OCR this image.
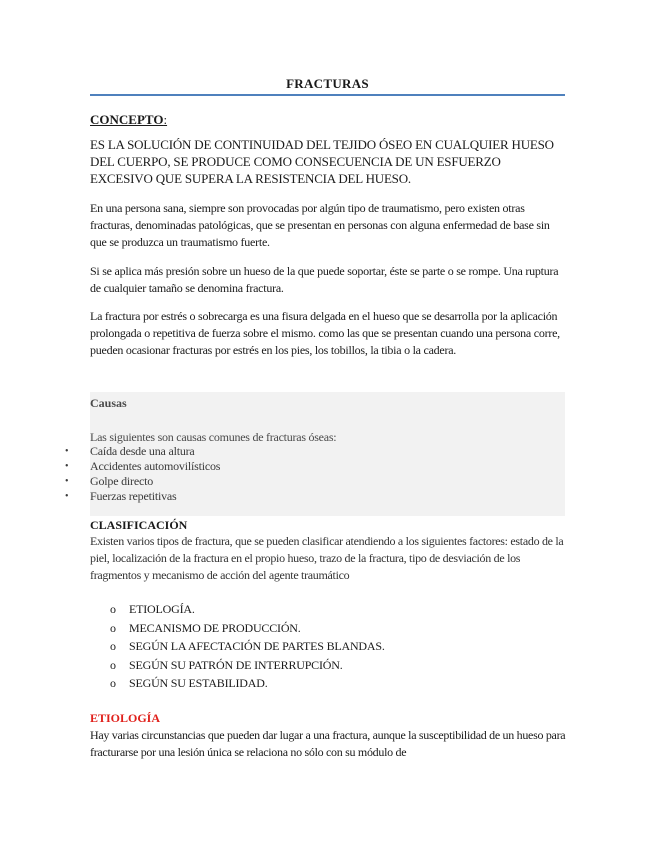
FRACTURAS
CONCEPTO:
ES LA SOLUCIÓN DE CONTINUIDAD DEL TEJIDO ÓSEO EN CUALQUIER HUESO DEL CUERPO, SE PRODUCE COMO CONSECUENCIA DE UN ESFUERZO EXCESIVO QUE SUPERA LA RESISTENCIA DEL HUESO.
En una persona sana, siempre son provocadas por algún tipo de traumatismo, pero existen otras fracturas, denominadas patológicas, que se presentan en personas con alguna enfermedad de base sin que se produzca un traumatismo fuerte.
Si se aplica más presión sobre un hueso de la que puede soportar, éste se parte o se rompe. Una ruptura de cualquier tamaño se denomina fractura.
La fractura por estrés o sobrecarga es una fisura delgada en el hueso que se desarrolla por la aplicación prolongada o repetitiva de fuerza sobre el mismo. como las que se presentan cuando una persona corre, pueden ocasionar fracturas por estrés en los pies, los tobillos, la tibia o la cadera.
Causas
Las siguientes son causas comunes de fracturas óseas:
• Caída desde una altura
• Accidentes automovilísticos
• Golpe directo
• Fuerzas repetitivas
CLASIFICACIÓN
Existen varios tipos de fractura, que se pueden clasificar atendiendo a los siguientes factores: estado de la piel, localización de la fractura en el propio hueso, trazo de la fractura, tipo de desviación de los fragmentos y mecanismo de acción del agente traumático
o ETIOLOGÍA.
o MECANISMO DE PRODUCCIÓN.
o SEGÚN LA AFECTACIÓN DE PARTES BLANDAS.
o SEGÚN SU PATRÓN DE INTERRUPCIÓN.
o SEGÚN SU ESTABILIDAD.
ETIOLOGÍA
Hay varias circunstancias que pueden dar lugar a una fractura, aunque la susceptibilidad de un hueso para fracturarse por una lesión única se relaciona no sólo con su módulo de
